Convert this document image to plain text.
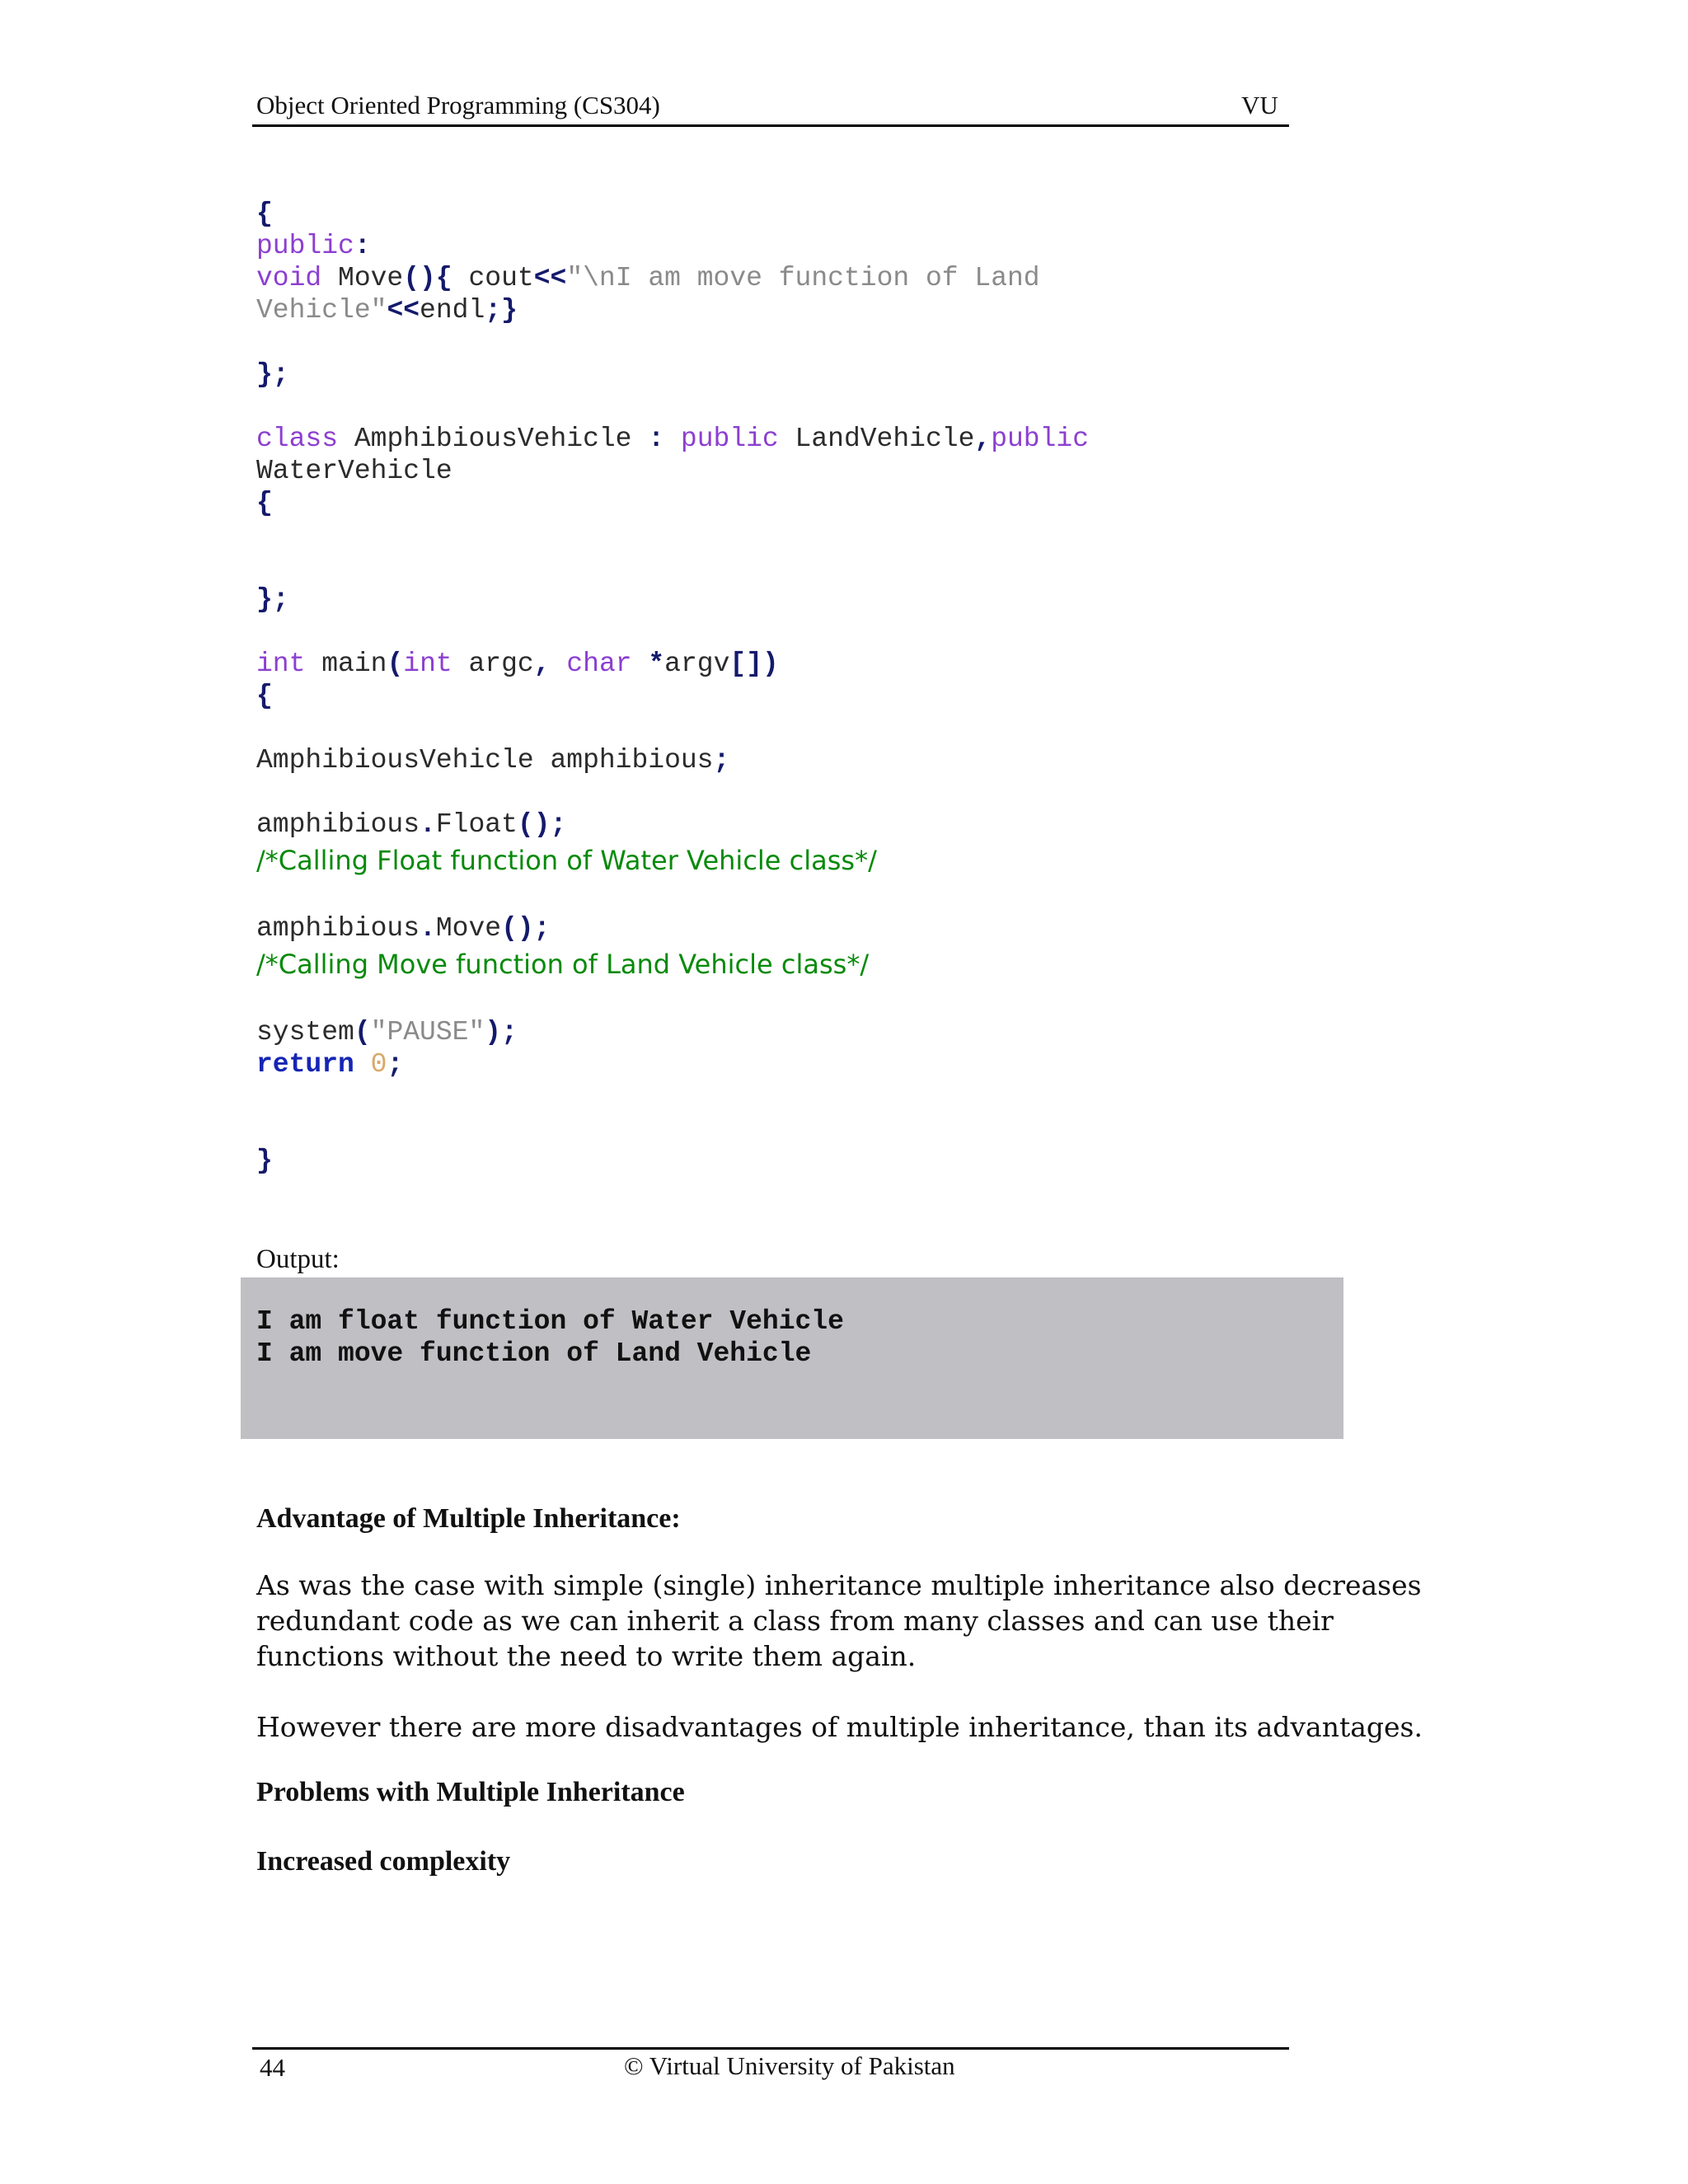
Object Oriented Programming (CS304)	VU
{
public:
void Move(){ cout<<"\nI am move function of Land
Vehicle"<<endl;}
};
class AmphibiousVehicle : public LandVehicle,public
WaterVehicle
{
};
int main(int argc, char *argv[])
{
AmphibiousVehicle amphibious;
amphibious.Float();
/*Calling Float function of Water Vehicle class*/
amphibious.Move();
/*Calling Move function of Land Vehicle class*/
system("PAUSE");
return 0;
}
Output:
I am float function of Water Vehicle
I am move function of Land Vehicle
Advantage of Multiple Inheritance:
As was the case with simple (single) inheritance multiple inheritance also decreases
redundant code as we can inherit a class from many classes and can use their
functions without the need to write them again.
However there are more disadvantages of multiple inheritance, than its advantages.
Problems with Multiple Inheritance
Increased complexity
44	© Virtual University of Pakistan
